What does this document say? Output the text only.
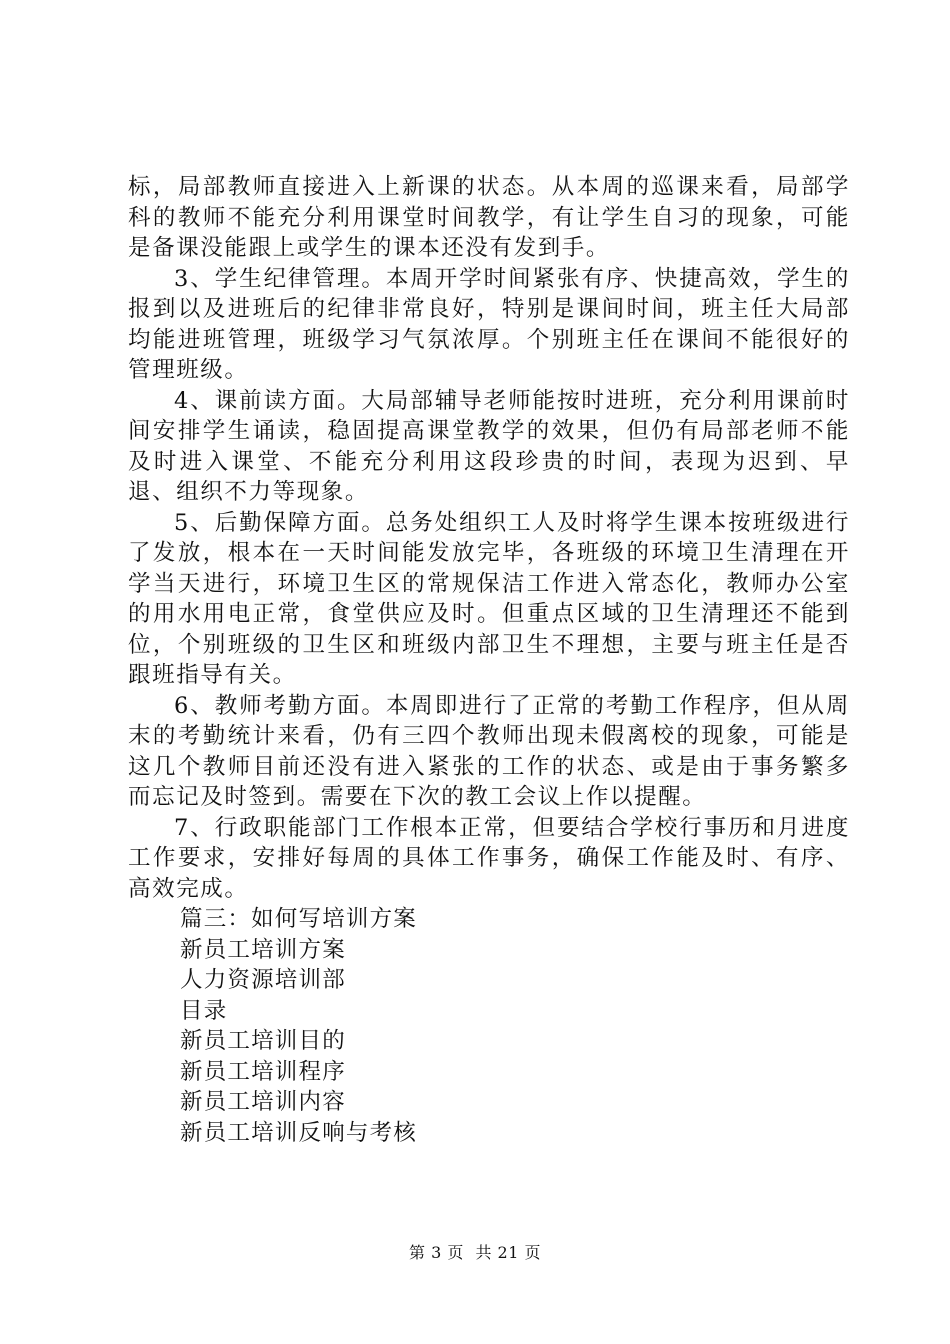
标，局部教师直接进入上新课的状态。从本周的巡课来看，局部学科的教师不能充分利用课堂时间教学，有让学生自习的现象，可能是备课没能跟上或学生的课本还没有发到手。

3、学生纪律管理。本周开学时间紧张有序、快捷高效，学生的报到以及进班后的纪律非常良好，特别是课间时间，班主任大局部均能进班管理，班级学习气氛浓厚。个别班主任在课间不能很好的管理班级。

4、课前读方面。大局部辅导老师能按时进班，充分利用课前时间安排学生诵读，稳固提高课堂教学的效果，但仍有局部老师不能及时进入课堂、不能充分利用这段珍贵的时间，表现为迟到、早退、组织不力等现象。

5、后勤保障方面。总务处组织工人及时将学生课本按班级进行了发放，根本在一天时间能发放完毕，各班级的环境卫生清理在开学当天进行，环境卫生区的常规保洁工作进入常态化，教师办公室的用水用电正常，食堂供应及时。但重点区域的卫生清理还不能到位，个别班级的卫生区和班级内部卫生不理想，主要与班主任是否跟班指导有关。

6、教师考勤方面。本周即进行了正常的考勤工作程序，但从周末的考勤统计来看，仍有三四个教师出现未假离校的现象，可能是这几个教师目前还没有进入紧张的工作的状态、或是由于事务繁多而忘记及时签到。需要在下次的教工会议上作以提醒。

7、行政职能部门工作根本正常，但要结合学校行事历和月进度工作要求，安排好每周的具体工作事务，确保工作能及时、有序、高效完成。

篇三：如何写培训方案

新员工培训方案

人力资源培训部

目录

新员工培训目的

新员工培训程序

新员工培训内容

新员工培训反响与考核

第 3 页 共 21 页
